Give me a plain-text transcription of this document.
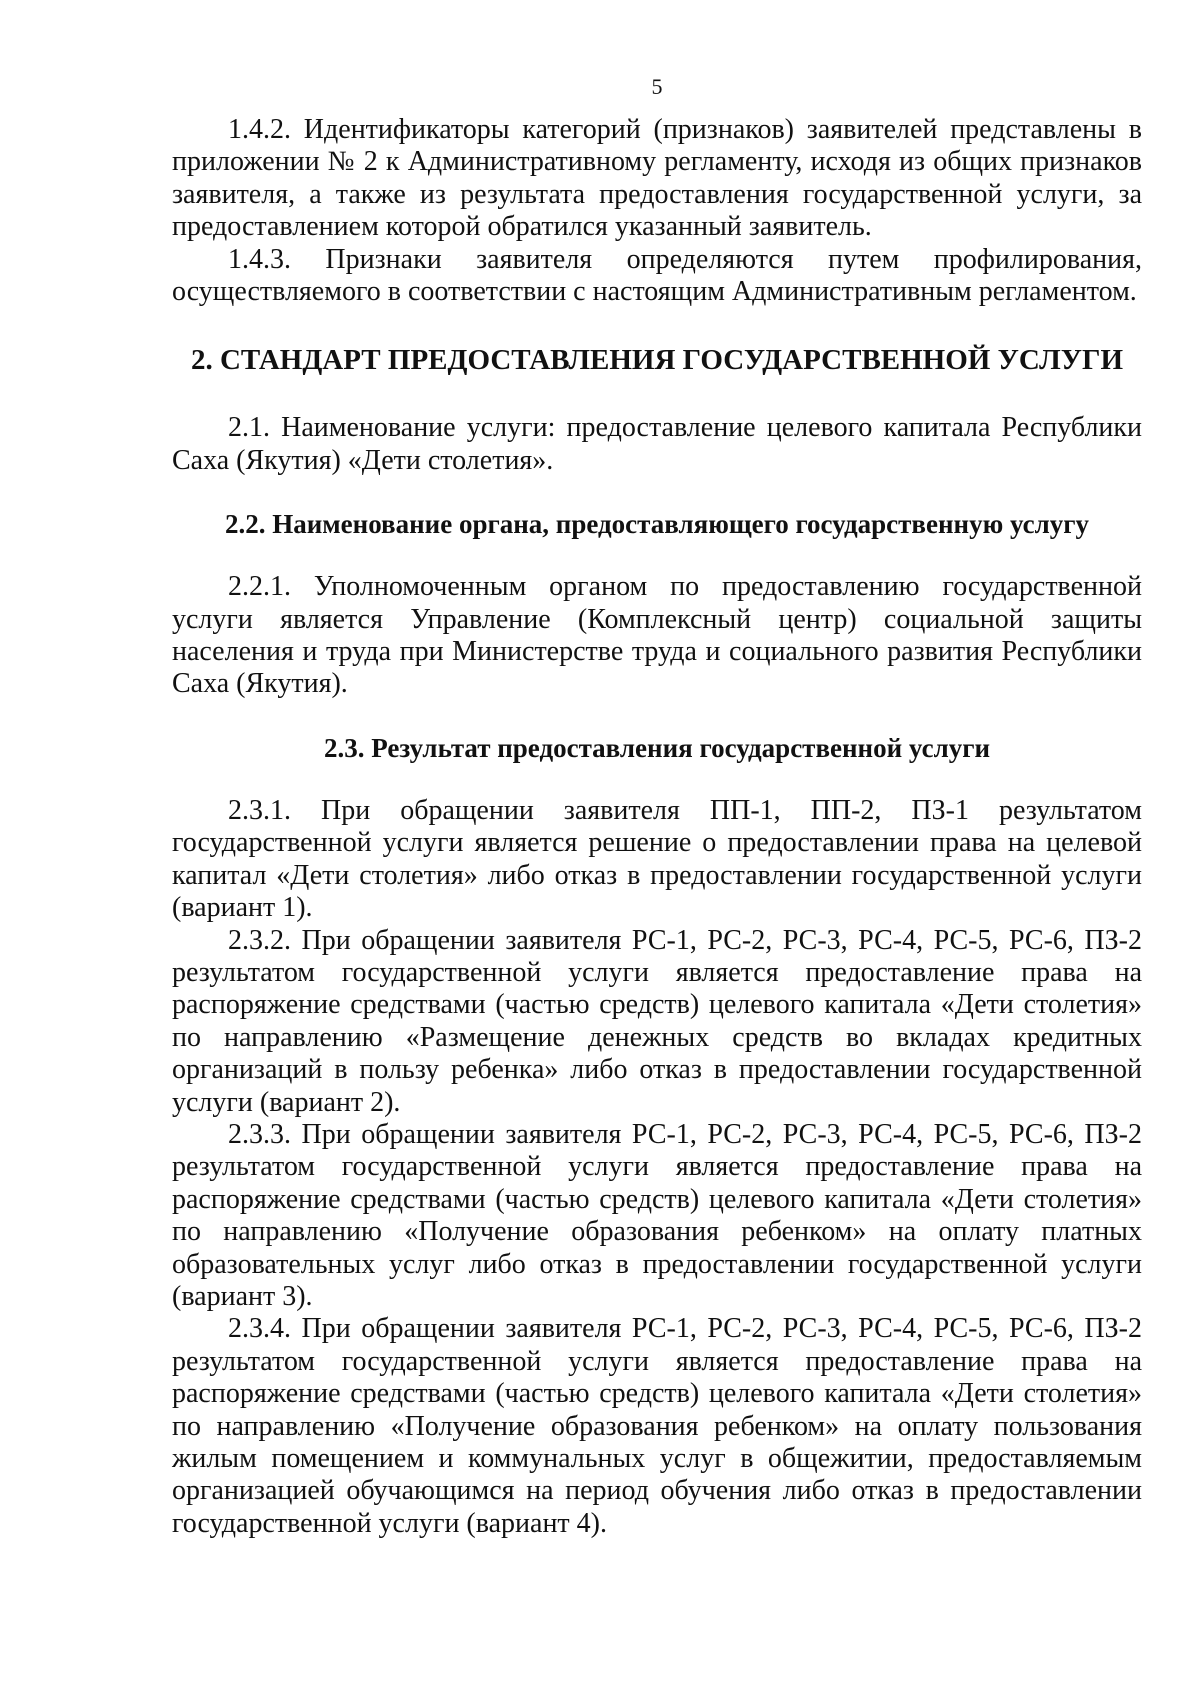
5

1.4.2. Идентификаторы категорий (признаков) заявителей представлены в приложении № 2 к Административному регламенту, исходя из общих признаков заявителя, а также из результата предоставления государственной услуги, за предоставлением которой обратился указанный заявитель.

1.4.3. Признаки заявителя определяются путем профилирования, осуществляемого в соответствии с настоящим Административным регламентом.

2. СТАНДАРТ ПРЕДОСТАВЛЕНИЯ ГОСУДАРСТВЕННОЙ УСЛУГИ

2.1. Наименование услуги: предоставление целевого капитала Республики Саха (Якутия) «Дети столетия».

2.2. Наименование органа, предоставляющего государственную услугу

2.2.1. Уполномоченным органом по предоставлению государственной услуги является Управление (Комплексный центр) социальной защиты населения и труда при Министерстве труда и социального развития Республики Саха (Якутия).

2.3. Результат предоставления государственной услуги

2.3.1. При обращении заявителя ПП-1, ПП-2, ПЗ-1 результатом государственной услуги является решение о предоставлении права на целевой капитал «Дети столетия» либо отказ в предоставлении государственной услуги (вариант 1).

2.3.2. При обращении заявителя РС-1, РС-2, РС-3, РС-4, РС-5, РС-6, ПЗ-2 результатом государственной услуги является предоставление права на распоряжение средствами (частью средств) целевого капитала «Дети столетия» по направлению «Размещение денежных средств во вкладах кредитных организаций в пользу ребенка» либо отказ в предоставлении государственной услуги (вариант 2).

2.3.3. При обращении заявителя РС-1, РС-2, РС-3, РС-4, РС-5, РС-6, ПЗ-2 результатом государственной услуги является предоставление права на распоряжение средствами (частью средств) целевого капитала «Дети столетия» по направлению «Получение образования ребенком» на оплату платных образовательных услуг либо отказ в предоставлении государственной услуги (вариант 3).

2.3.4. При обращении заявителя РС-1, РС-2, РС-3, РС-4, РС-5, РС-6, ПЗ-2 результатом государственной услуги является предоставление права на распоряжение средствами (частью средств) целевого капитала «Дети столетия» по направлению «Получение образования ребенком» на оплату пользования жилым помещением и коммунальных услуг в общежитии, предоставляемым организацией обучающимся на период обучения либо отказ в предоставлении государственной услуги (вариант 4).
